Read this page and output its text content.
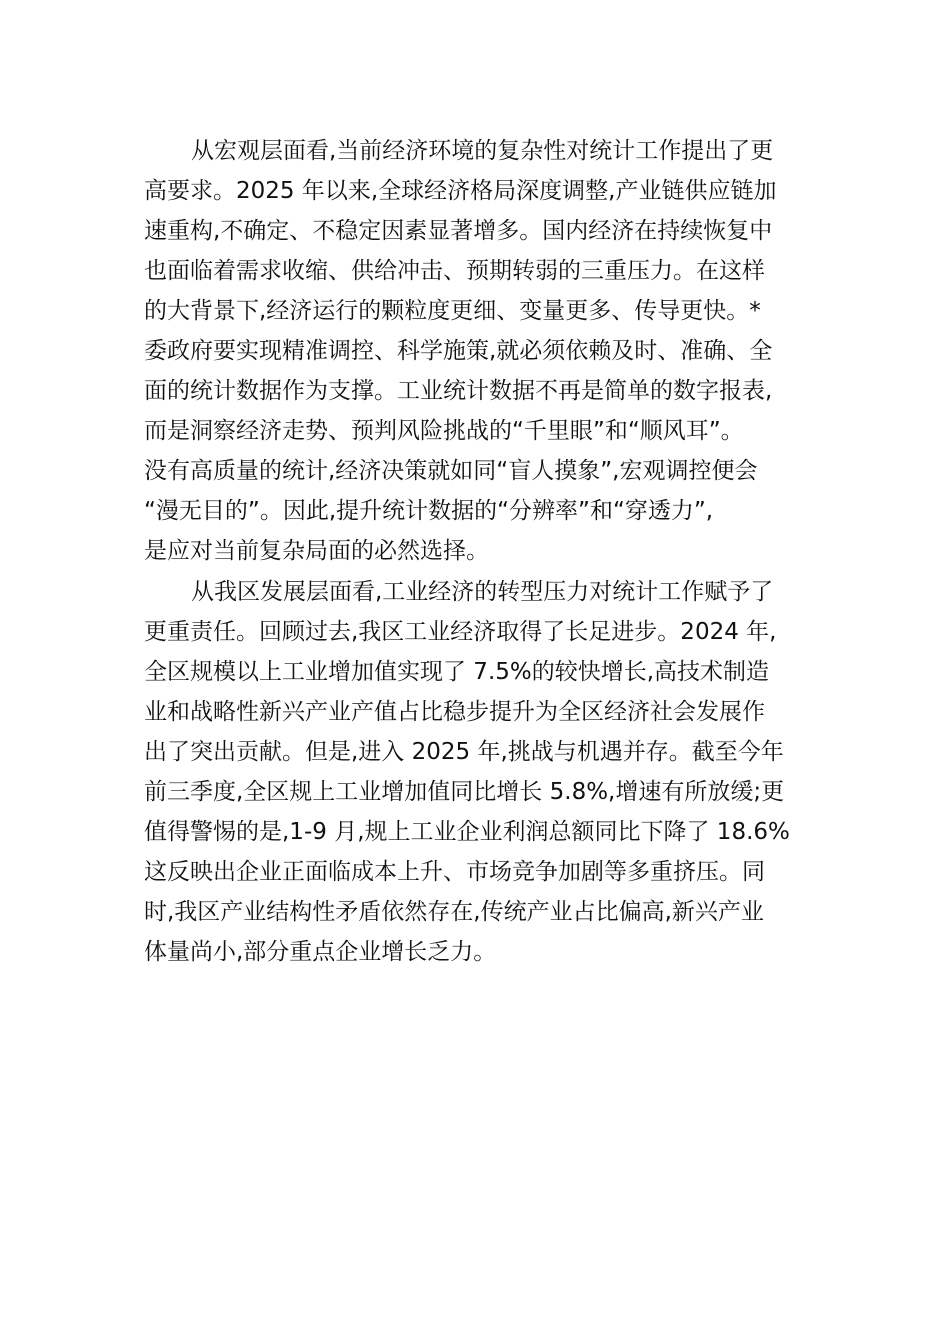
从宏观层面看,当前经济环境的复杂性对统计工作提出了更
高要求。2025 年以来,全球经济格局深度调整,产业链供应链加
速重构,不确定、不稳定因素显著增多。国内经济在持续恢复中
也面临着需求收缩、供给冲击、预期转弱的三重压力。在这样
的大背景下,经济运行的颗粒度更细、变量更多、传导更快。*
委政府要实现精准调控、科学施策,就必须依赖及时、准确、全
面的统计数据作为支撑。工业统计数据不再是简单的数字报表,
而是洞察经济走势、预判风险挑战的“千里眼”和“顺风耳”。
没有高质量的统计,经济决策就如同“盲人摸象”,宏观调控便会
“漫无目的”。因此,提升统计数据的“分辨率”和“穿透力”,
是应对当前复杂局面的必然选择。
从我区发展层面看,工业经济的转型压力对统计工作赋予了
更重责任。回顾过去,我区工业经济取得了长足进步。2024 年,
全区规模以上工业增加值实现了 7.5%的较快增长,高技术制造
业和战略性新兴产业产值占比稳步提升为全区经济社会发展作
出了突出贡献。但是,进入 2025 年,挑战与机遇并存。截至今年
前三季度,全区规上工业增加值同比增长 5.8%,增速有所放缓;更
值得警惕的是,1-9 月,规上工业企业利润总额同比下降了 18.6%
这反映出企业正面临成本上升、市场竞争加剧等多重挤压。同
时,我区产业结构性矛盾依然存在,传统产业占比偏高,新兴产业
体量尚小,部分重点企业增长乏力。
